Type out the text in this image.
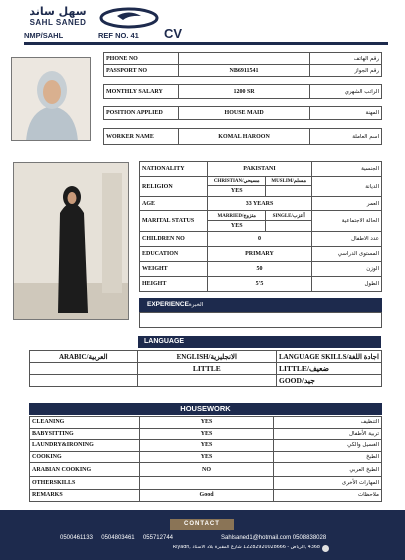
سهل ساند
SAHL SANED
CV
NMP/SAHL	REF NO. 41
PHONE NO		رقم الهاتف
PASSPORT NO	NB6911541	رقم الجواز
MONTHLY SALARY	1200 SR	الراتب الشهري
POSITION APPLIED	HOUSE MAID	المهنة
WORKER NAME	KOMAL HAROON	اسم العاملة
NATIONALITY	PAKISTANI		الجنسية
RELIGION	CHRISTIAN/مسيحي	MUSLIM/مسلم	الديانة
	YES		
AGE	33 YEARS		العمر
MARITAL STATUS	MARRIED/متزوج	SINGLE/أعزب	الحالة الاجتماعية
	YES		
CHILDREN NO	0		عدد الاطفال
EDUCATION	PRIMARY		المستوى الدراسي
WEIGHT	50		الوزن
HEIGHT	5'5		الطول
EXPERIENCEالخبرة
LANGUAGE
ARABIC/العربية	ENGLISH/الانجليزية	LANGUAGE SKILLS/اجادة اللغة
	LITTLE	LITTLE/ضعيف
		GOOD/جيد
HOUSEWORK
CLEANING	YES	التنظيف
BABYSITTING	YES	تربية الأطفال
LAUNDRY&IRONING	YES	الغسيل والكي
COOKING	YES	الطبخ
ARABIAN COOKING	NO	الطبخ العربي
OTHERSKILLS		المهارات الأخرى
REMARKS	Good	ملاحظات
CONTACT
0500461133     0504803461     055712744	Sahlsaned1@hotmail.com 0508838028
4368 ,الرياض - 12282920028666 شارع المقبرة بلاد الأستاذ ,Riyadh
